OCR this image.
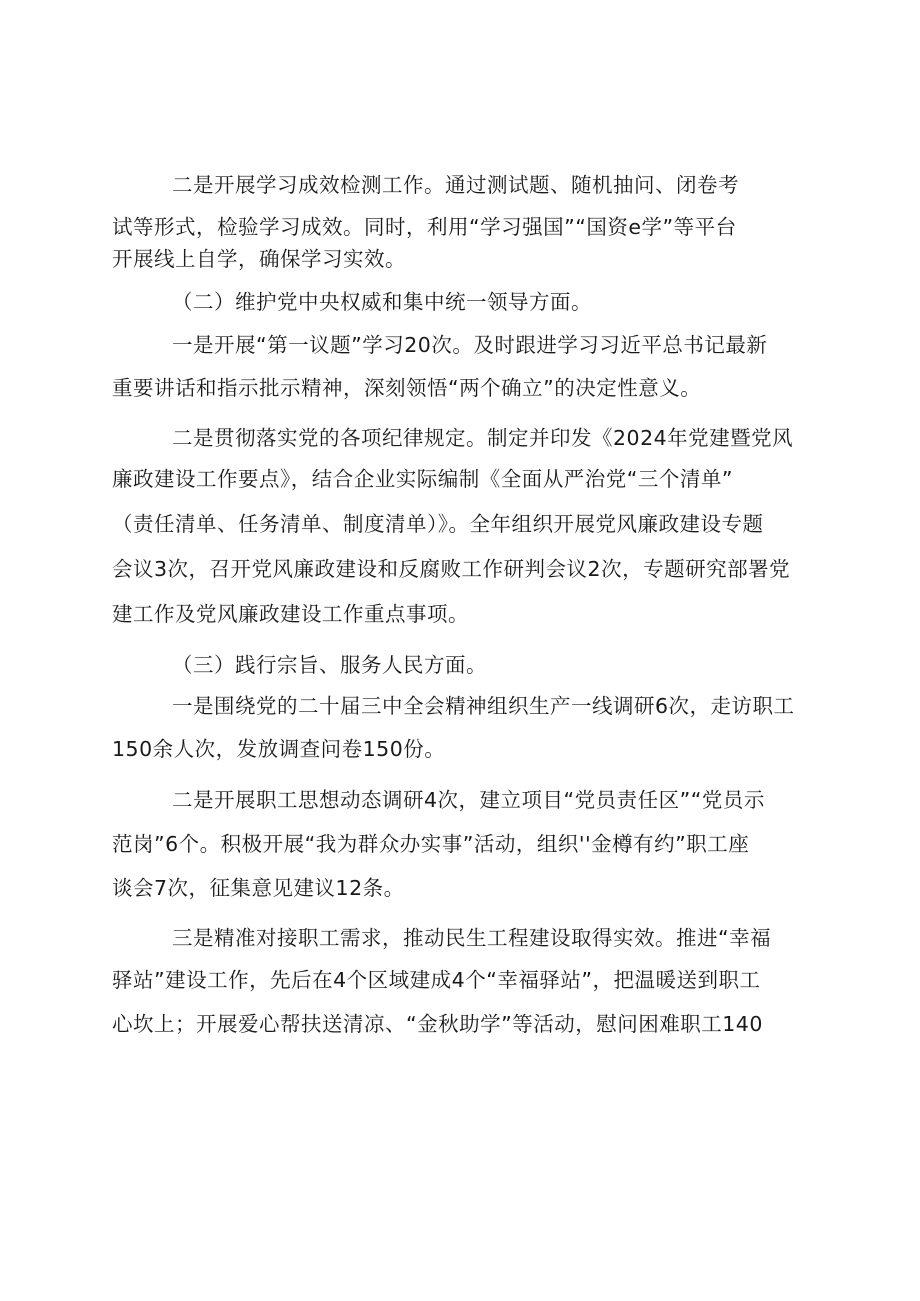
二是开展学习成效检测工作。通过测试题、随机抽问、闭卷考
试等形式，检验学习成效。同时，利用“学习强国”“国资e学”等平台
开展线上自学，确保学习实效。
（二）维护党中央权威和集中统一领导方面。
一是开展“第一议题”学习20次。及时跟进学习习近平总书记最新
重要讲话和指示批示精神，深刻领悟“两个确立”的决定性意义。
二是贯彻落实党的各项纪律规定。制定并印发《2024年党建暨党风
廉政建设工作要点》，结合企业实际编制《全面从严治党“三个清单”
（责任清单、任务清单、制度清单）》。全年组织开展党风廉政建设专题
会议3次，召开党风廉政建设和反腐败工作研判会议2次，专题研究部署党
建工作及党风廉政建设工作重点事项。
（三）践行宗旨、服务人民方面。
一是围绕党的二十届三中全会精神组织生产一线调研6次，走访职工
150余人次，发放调查问卷150份。
二是开展职工思想动态调研4次，建立项目“党员责任区”“党员示
范岗”6个。积极开展“我为群众办实事”活动，组织''金樽有约”职工座
谈会7次，征集意见建议12条。
三是精准对接职工需求，推动民生工程建设取得实效。推进“幸福
驿站”建设工作，先后在4个区域建成4个“幸福驿站”，把温暖送到职工
心坎上；开展爱心帮扶送清凉、“金秋助学”等活动，慰问困难职工140
